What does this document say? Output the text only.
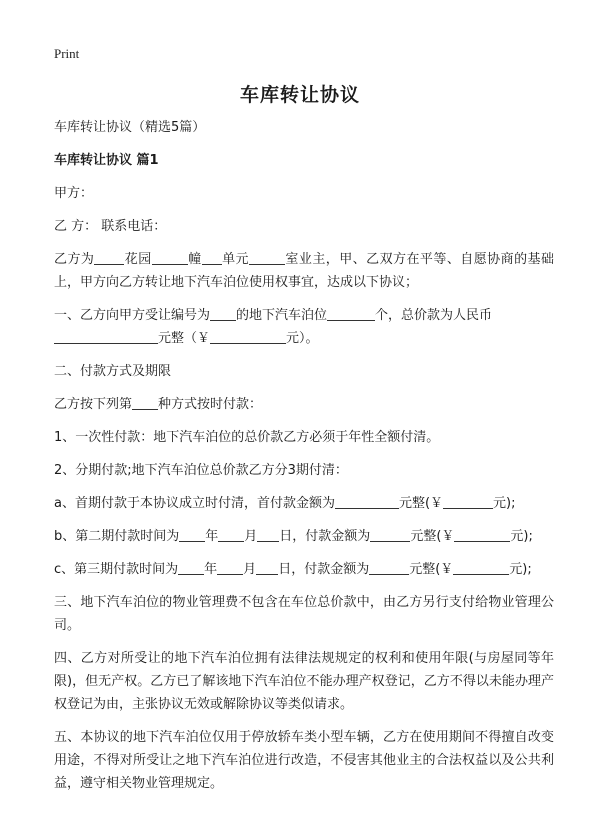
Print
车库转让协议

车库转让协议（精选5篇）

车库转让协议 篇1

甲方：

乙 方： 联系电话：

乙方为 花园	幢 单元	室业主，甲、乙双方在平等、自愿协商的基础上，甲方向乙方转让地下汽车泊位使用权事宜，达成以下协议；

一、乙方向甲方受让编号为 的地下汽车泊位	个，总价款为人民币
元整（￥	元）。

二、付款方式及期限

乙方按下列第 种方式按时付款：

1、一次性付款：地下汽车泊位的总价款乙方必须于年性全额付清。

2、分期付款;地下汽车泊位总价款乙方分3期付清：

a、首期付款于本协议成立时付清，首付款金额为	元整(￥	元);

b、第二期付款时间为 年 月 日，付款金额为	元整(￥	元);

c、第三期付款时间为 年 月 日，付款金额为	元整(￥	元);

三、地下汽车泊位的物业管理费不包含在车位总价款中，由乙方另行支付给物业管理公司。

四、乙方对所受让的地下汽车泊位拥有法律法规规定的权利和使用年限(与房屋同等年限)，但无产权。乙方已了解该地下汽车泊位不能办理产权登记，乙方不得以未能办理产权登记为由，主张协议无效或解除协议等类似请求。

五、本协议的地下汽车泊位仅用于停放轿车类小型车辆，乙方在使用期间不得擅自改变用途，不得对所受让之地下汽车泊位进行改造，不侵害其他业主的合法权益以及公共利益，遵守相关物业管理规定。
